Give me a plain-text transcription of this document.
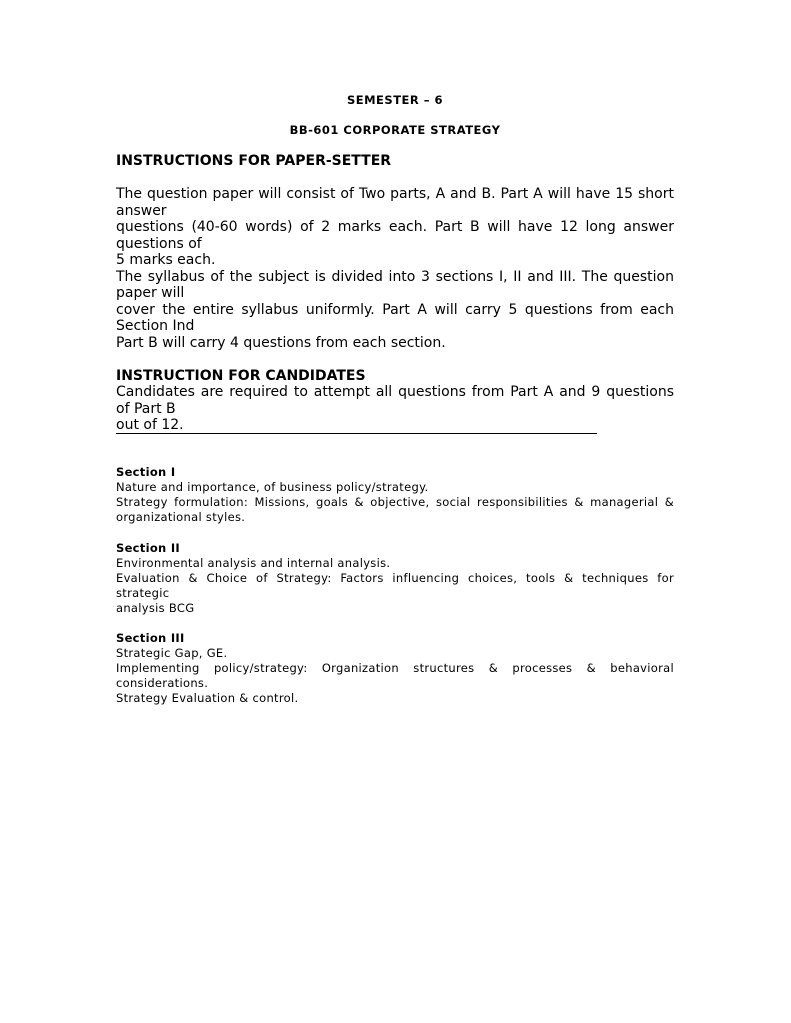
SEMESTER – 6
BB-601 CORPORATE STRATEGY
INSTRUCTIONS FOR PAPER-SETTER

The question paper will consist of Two parts, A and B. Part A will have 15 short answer

questions (40-60 words) of 2 marks each. Part B will have 12 long answer questions of

5 marks each.

The syllabus of the subject is divided into 3 sections I, II and III. The question paper will

cover the entire syllabus uniformly. Part A will carry 5 questions from each Section Ind

Part B will carry 4 questions from each section.

INSTRUCTION FOR CANDIDATES

Candidates are required to attempt all questions from Part A and 9 questions of Part B

out of 12.

Section I

Nature and importance, of business policy/strategy.

Strategy formulation: Missions, goals & objective, social responsibilities & managerial & organizational styles.

Section II

Environmental analysis and internal analysis.

Evaluation & Choice of Strategy: Factors influencing choices, tools & techniques for strategic

analysis BCG

Section III

Strategic Gap, GE.

Implementing policy/strategy: Organization structures & processes & behavioral considerations.

Strategy Evaluation & control.
